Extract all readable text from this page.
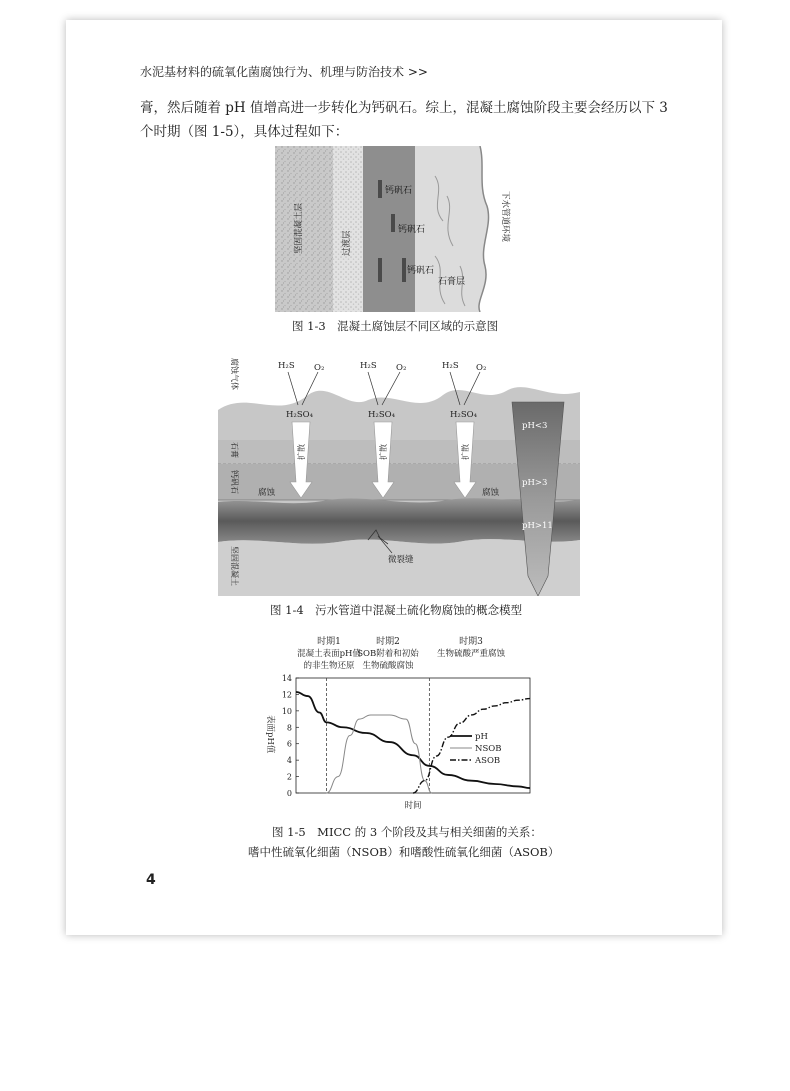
水泥基材料的硫氧化菌腐蚀行为、机理与防治技术 >>
膏，然后随着 pH 值增高进一步转化为钙矾石。综上，混凝土腐蚀阶段主要会经历以下 3
个时期（图 1-5），具体过程如下：
坚固混凝土层	过渡层
钙矾石
钙矾石
钙矾石
石膏层
下水管道环境
图 1-3　混凝土腐蚀层不同区域的示意图
H₂S O₂
H₂SO₄
H₂S O₂
H₂SO₄
H₂S O₂
H₂SO₄
扩散	扩散	扩散
pH<3
pH>3
pH>11
腐蚀气体
石膏
钙矾石 腐蚀	腐蚀
坚固混凝土	微裂缝
图 1-4　污水管道中混凝土硫化物腐蚀的概念模型
时期1
混凝土表面pH值
的非生物还原
时期2
SOB附着和初始
生物硫酸腐蚀
时期3
生物硫酸严重腐蚀
0
2
4
6
8
10
12
14
表面pH值
时间
pH
NSOB
ASOB
图 1-5　MICC 的 3 个阶段及其与相关细菌的关系：
嗜中性硫氧化细菌（NSOB）和嗜酸性硫氧化细菌（ASOB）
4
